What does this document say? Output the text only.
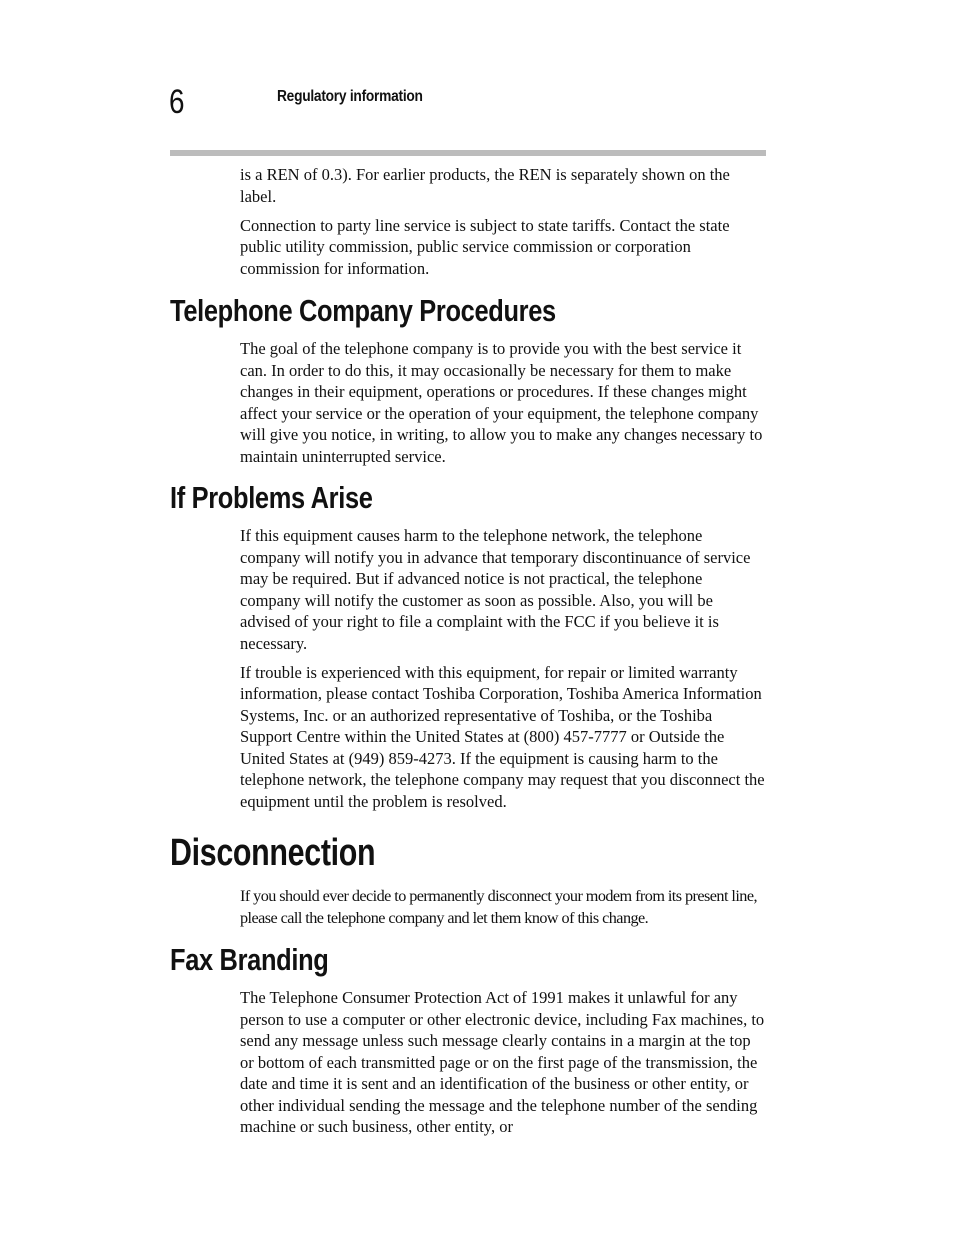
6	Regulatory information

is a REN of 0.3). For earlier products, the REN is separately shown on the label.

Connection to party line service is subject to state tariffs. Contact the state public utility commission, public service commission or corporation commission for information.

Telephone Company Procedures

The goal of the telephone company is to provide you with the best service it can. In order to do this, it may occasionally be necessary for them to make changes in their equipment, operations or procedures. If these changes might affect your service or the operation of your equipment, the telephone company will give you notice, in writing, to allow you to make any changes necessary to maintain uninterrupted service.

If Problems Arise

If this equipment causes harm to the telephone network, the telephone company will notify you in advance that temporary discontinuance of service may be required. But if advanced notice is not practical, the telephone company will notify the customer as soon as possible. Also, you will be advised of your right to file a complaint with the FCC if you believe it is necessary.

If trouble is experienced with this equipment, for repair or limited warranty information, please contact Toshiba Corporation, Toshiba America Information Systems, Inc. or an authorized representative of Toshiba, or the Toshiba Support Centre within the United States at (800) 457-7777 or Outside the United States at (949) 859-4273. If the equipment is causing harm to the telephone network, the telephone company may request that you disconnect the equipment until the problem is resolved.

Disconnection

If you should ever decide to permanently disconnect your modem from its present line, please call the telephone company and let them know of this change.

Fax Branding

The Telephone Consumer Protection Act of 1991 makes it unlawful for any person to use a computer or other electronic device, including Fax machines, to send any message unless such message clearly contains in a margin at the top or bottom of each transmitted page or on the first page of the transmission, the date and time it is sent and an identification of the business or other entity, or other individual sending the message and the telephone number of the sending machine or such business, other entity, or
